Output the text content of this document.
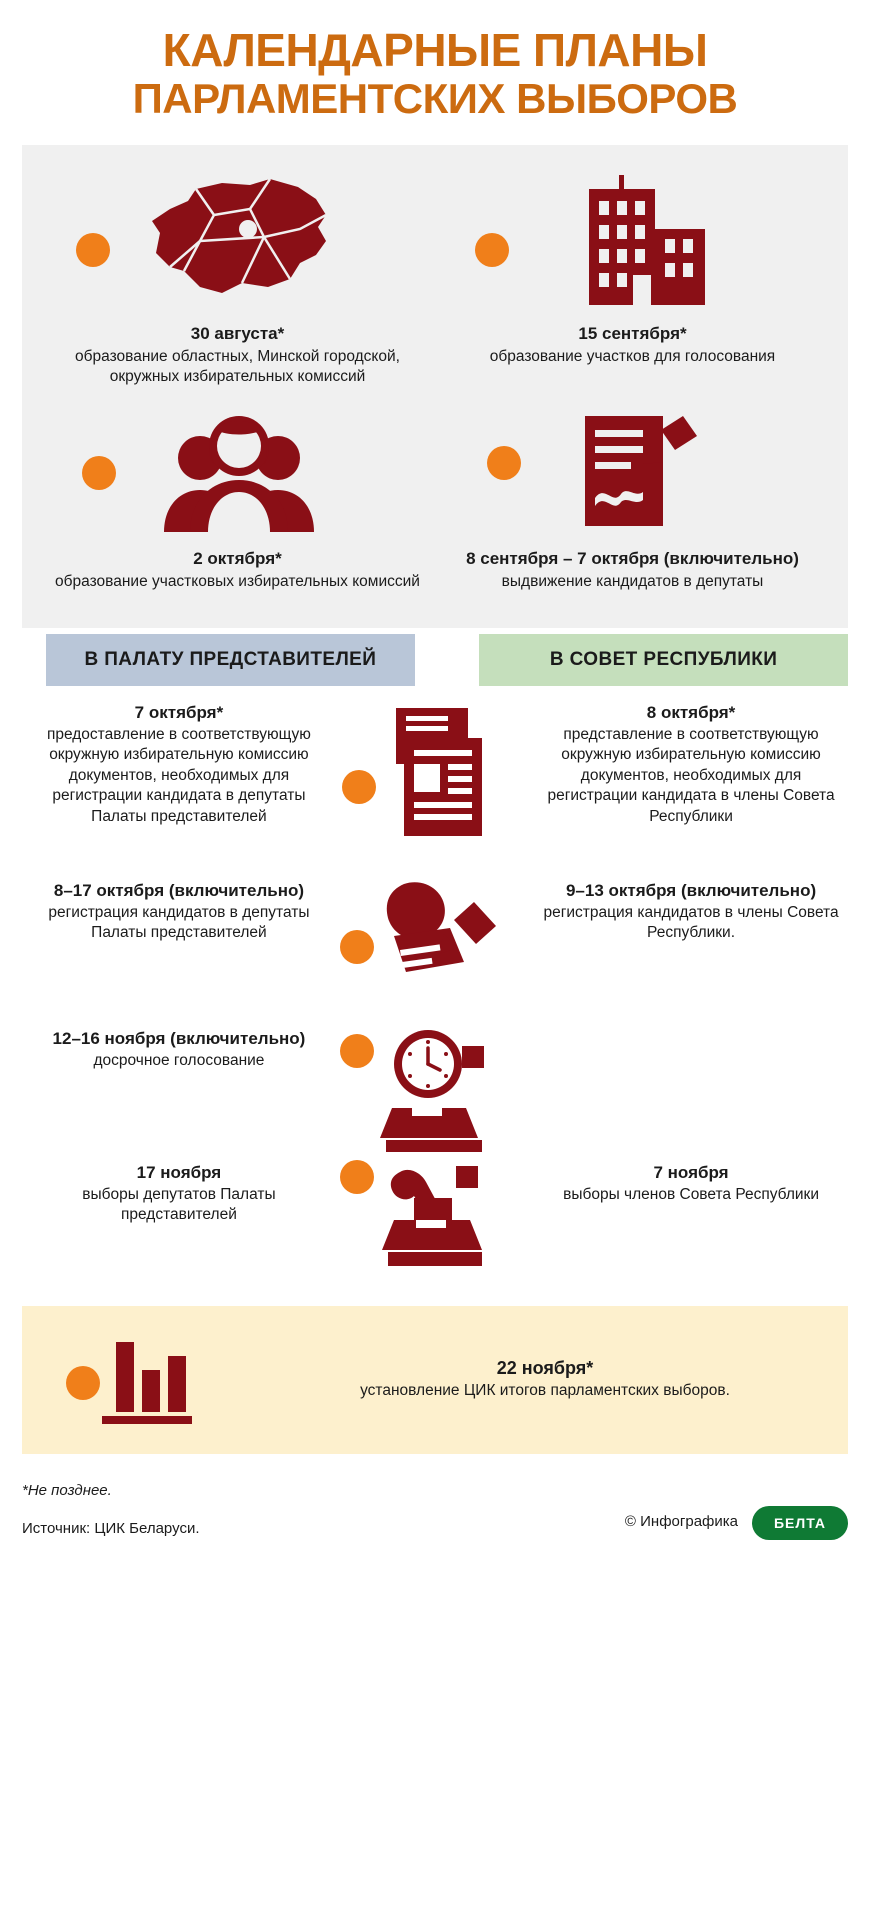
КАЛЕНДАРНЫЕ ПЛАНЫ
ПАРЛАМЕНТСКИХ ВЫБОРОВ
30 августа*
образование областных, Минской городской, окружных избирательных комиссий
15 сентября*
образование участков для голосования
2 октября*
образование участковых избирательных комиссий
8 сентября – 7 октября (включительно)
выдвижение кандидатов в депутаты
В ПАЛАТУ ПРЕДСТАВИТЕЛЕЙ	В СОВЕТ РЕСПУБЛИКИ
7 октября*
предоставление в соответствующую окружную избирательную комиссию документов, необходимых для регистрации кандидата в депутаты Палаты представителей
8 октября*
представление в соответствующую окружную избирательную комиссию документов, необходимых для регистрации кандидата в члены Совета Республики
8–17 октября (включительно)
регистрация кандидатов в депутаты Палаты представителей
9–13 октября (включительно)
регистрация кандидатов в члены Совета Республики.
12–16 ноября (включительно)
досрочное голосование
17 ноября
выборы депутатов Палаты представителей
7 ноября
выборы членов Совета Республики
22 ноября*
установление ЦИК итогов парламентских выборов.
*Не позднее.
Источник: ЦИК Беларуси.	© Инфографика	БЕЛТА
